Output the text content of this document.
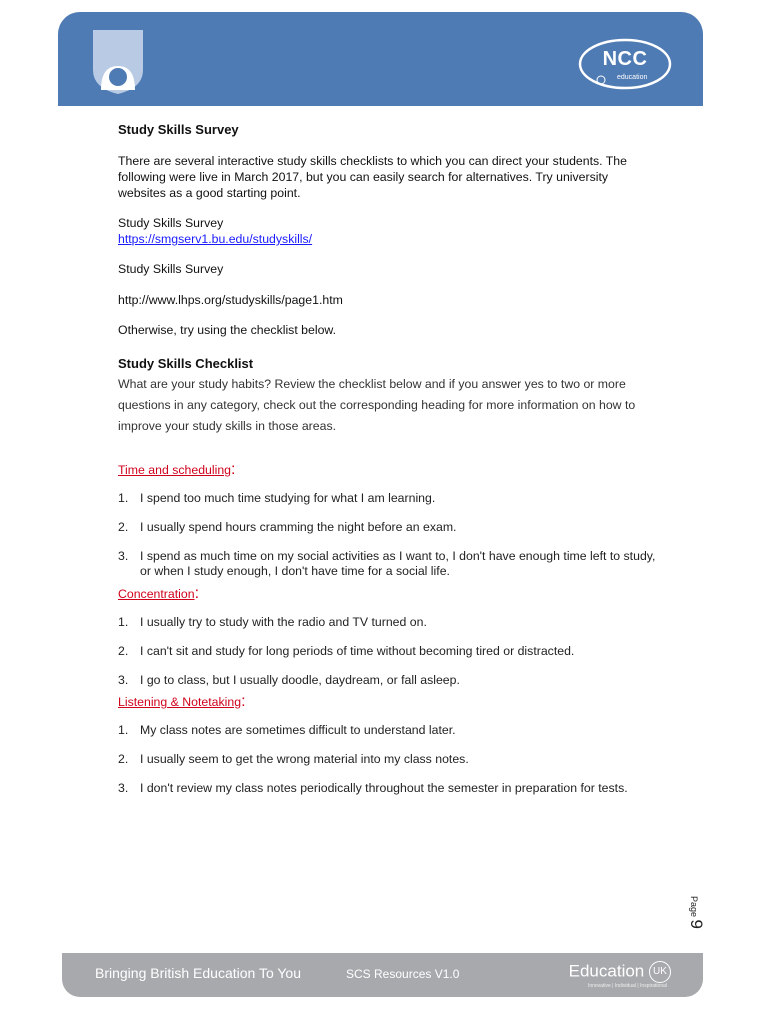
NCC
education
Study Skills Survey

There are several interactive study skills checklists to which you can direct your students. The following were live in March 2017, but you can easily search for alternatives. Try university websites as a good starting point.

Study Skills Survey

https://smgserv1.bu.edu/studyskills/

Study Skills Survey

http://www.lhps.org/studyskills/page1.htm

Otherwise, try using the checklist below.

Study Skills Checklist
What are your study habits? Review the checklist below and if you answer yes to two or more questions in any category, check out the corresponding heading for more information on how to improve your study skills in those areas.
Time and scheduling:
1. I spend too much time studying for what I am learning.
2. I usually spend hours cramming the night before an exam.
3. I spend as much time on my social activities as I want to, I don't have enough time left to study, or when I study enough, I don't have time for a social life.
Concentration:
1. I usually try to study with the radio and TV turned on.
2. I can't sit and study for long periods of time without becoming tired or distracted.
3. I go to class, but I usually doodle, daydream, or fall asleep.
Listening & Notetaking:
1. My class notes are sometimes difficult to understand later.
2. I usually seem to get the wrong material into my class notes.
3. I don't review my class notes periodically throughout the semester in preparation for tests.
Page 9
Bringing British Education To You	SCS Resources V1.0	Education UK
Innovative | Individual | Inspirational
